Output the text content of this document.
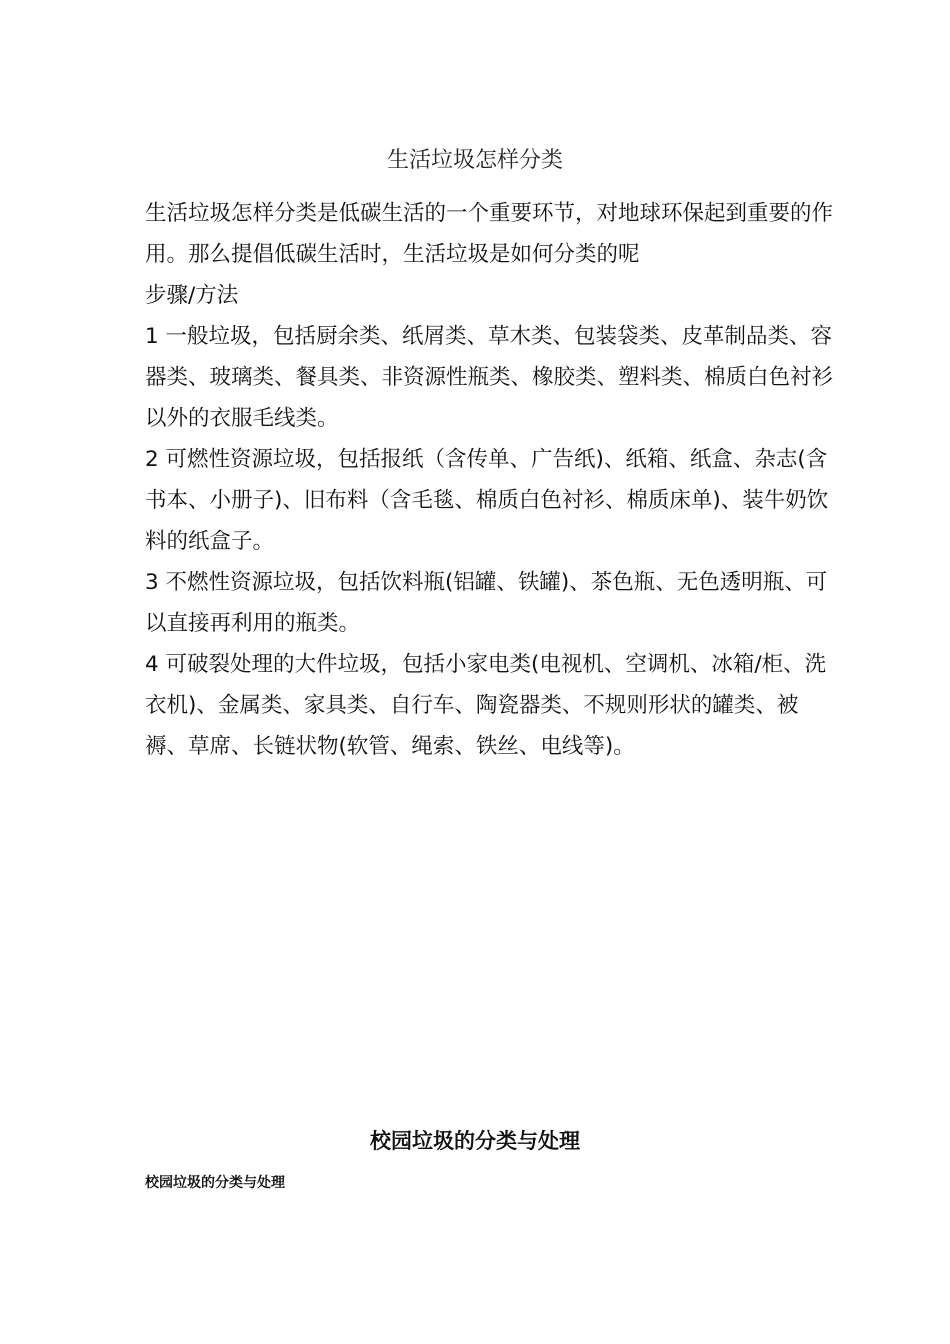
生活垃圾怎样分类

生活垃圾怎样分类是低碳生活的一个重要环节，对地球环保起到重要的作用。那么提倡低碳生活时，生活垃圾是如何分类的呢

步骤/方法

1 一般垃圾，包括厨余类、纸屑类、草木类、包装袋类、皮革制品类、容器类、玻璃类、餐具类、非资源性瓶类、橡胶类、塑料类、棉质白色衬衫以外的衣服毛线类。

2 可燃性资源垃圾，包括报纸（含传单、广告纸)、纸箱、纸盒、杂志(含书本、小册子)、旧布料（含毛毯、棉质白色衬衫、棉质床单)、装牛奶饮料的纸盒子。

3 不燃性资源垃圾，包括饮料瓶(铝罐、铁罐)、茶色瓶、无色透明瓶、可以直接再利用的瓶类。

4 可破裂处理的大件垃圾，包括小家电类(电视机、空调机、冰箱/柜、洗衣机)、金属类、家具类、自行车、陶瓷器类、不规则形状的罐类、被褥、草席、长链状物(软管、绳索、铁丝、电线等)。

校园垃圾的分类与处理
校园垃圾的分类与处理
